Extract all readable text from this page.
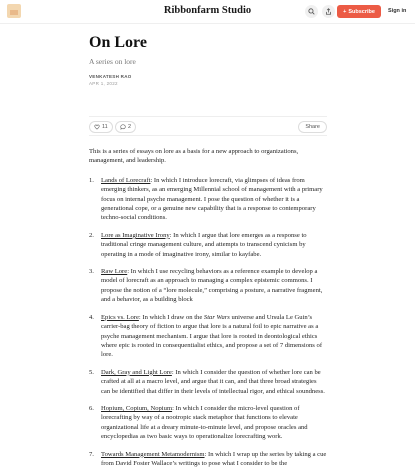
Ribbonfarm Studio	+ Subscribe Sign in
On Lore
A series on lore
VENKATESH RAO
APR 1, 2022
11	2	Share

This is a series of essays on lore as a basis for a new approach to organizations, management, and leadership.

1. Lands of Lorecraft: In which I introduce lorecraft, via glimpses of ideas from emerging thinkers, as an emerging Millennial school of management with a primary focus on internal psyche management. I pose the question of whether it is a generational cope, or a genuine new capability that is a response to contemporary techno-social conditions.
2. Lore as Imaginative Irony: In which I argue that lore emerges as a response to traditional cringe management culture, and attempts to transcend cynicism by operating in a mode of imaginative irony, similar to kayfabe.
3. Raw Lore: In which I use recycling behaviors as a reference example to develop a model of lorecraft as an approach to managing a complex epistemic commons. I propose the notion of a “lore molecule,” comprising a posture, a narrative fragment, and a behavior, as a building block
4. Epics vs. Lore: In which I draw on the Star Wars universe and Ursula Le Guin’s carrier-bag theory of fiction to argue that lore is a natural foil to epic narrative as a psyche management mechanism. I argue that lore is rooted in deontological ethics where epic is rooted in consequentialist ethics, and propose a set of 7 dimensions of lore.
5. Dark, Gray and Light Lore: In which I consider the question of whether lore can be crafted at all at a macro level, and argue that it can, and that three broad strategies can be identified that differ in their levels of intellectual rigor, and ethical soundness.
6. Hopium, Copium, Nopium: In which I consider the micro-level question of lorecrafting by way of a nootropic stack metaphor that functions to elevate organizational life at a dreary minute-to-minute level, and propose oracles and encyclopedias as two basic ways to operationalize lorecrafting work.
7. Towards Management Metamodernism: In which I wrap up the series by taking a cue from David Foster Wallace’s writings to pose what I consider to be the
